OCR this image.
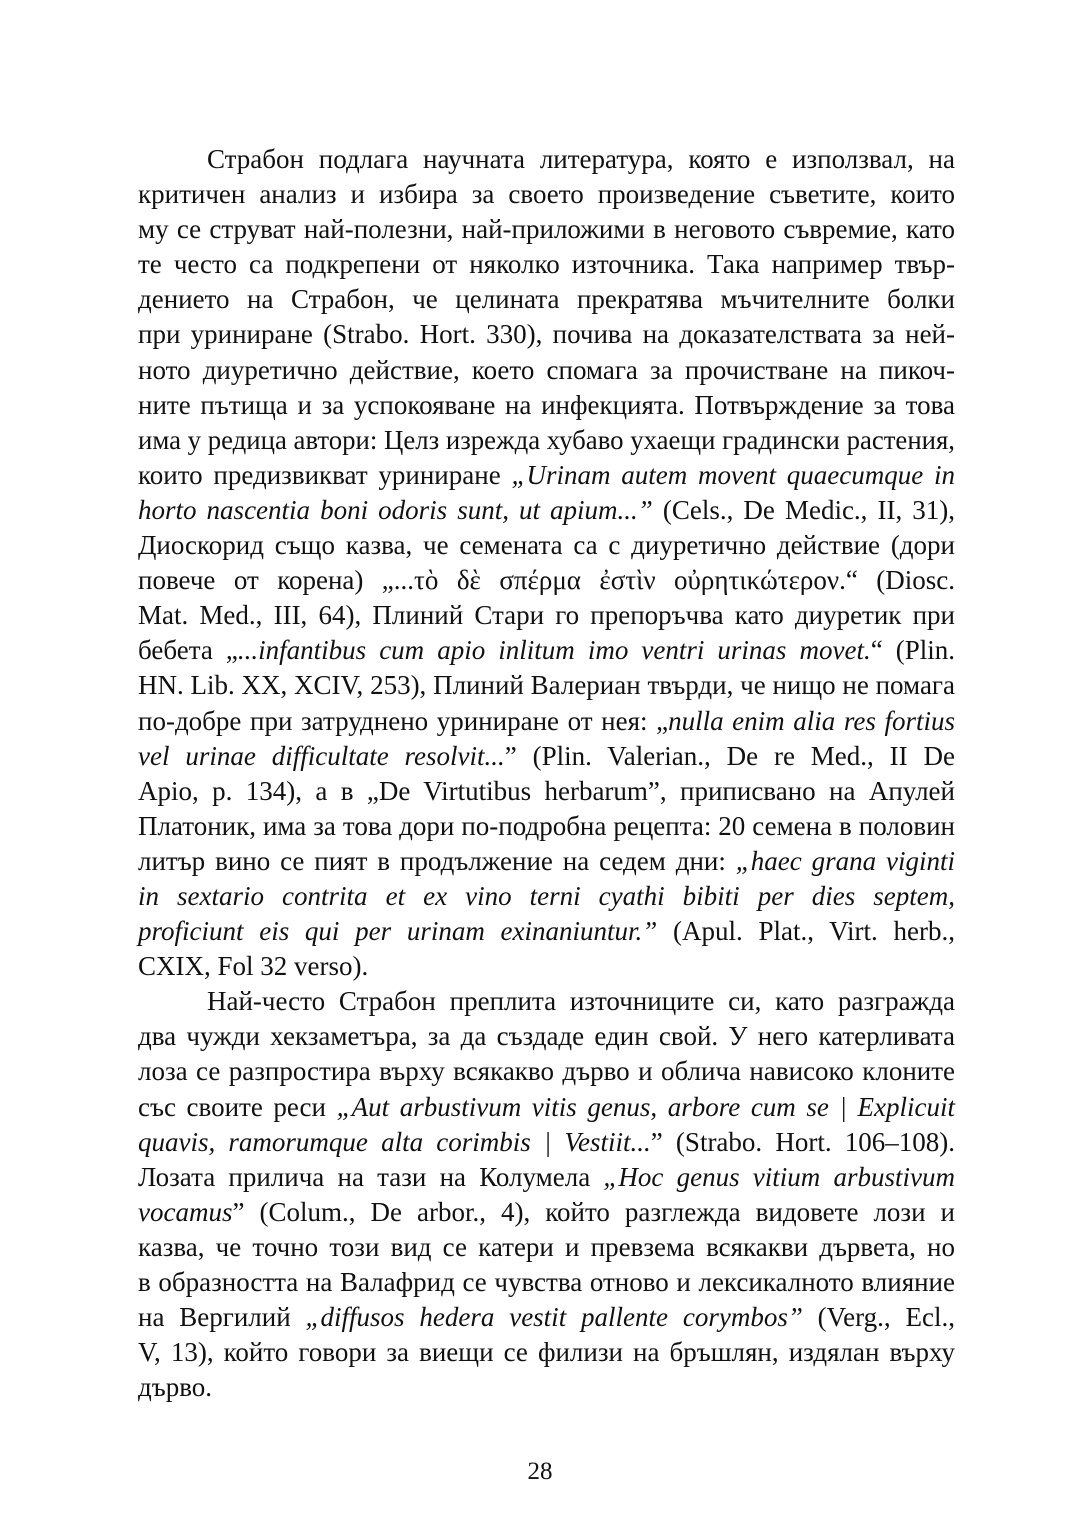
Страбон подлага научната литература, която е използвал, на
критичен анализ и избира за своето произведение съветите, които
му се струват най-полезни, най-приложими в неговото съвремие, като
те често са подкрепени от няколко източника. Така например твър-
дението на Страбон, че целината прекратява мъчителните болки
при уриниране (Strabo. Hort. 330), почива на доказателствата за ней-
ното диуретично действие, което спомага за прочистване на пикоч-
ните пътища и за успокояване на инфекцията. Потвърждение за това
има у редица автори: Целз изрежда хубаво ухаещи градински растения,
които предизвикват уриниране „Urinam autem movent quaecumque in
horto nascentia boni odoris sunt, ut apium...” (Cels., De Medic., II, 31),
Диоскорид също казва, че семената са с диуретично действие (дори
повече от корена) „...τὸ δὲ σπέρμα ἐστὶν οὐρητικώτερον.“ (Diosc.
Mat. Med., III, 64), Плиний Стари го препоръчва като диуретик при
бебета „...infantibus cum apio inlitum imo ventri urinas movet.“ (Plin.
HN. Lib. XX, XCIV, 253), Плиний Валериан твърди, че нищо не помага
по-добре при затруднено уриниране от нея: „nulla enim alia res fortius
vel urinae difficultate resolvit...” (Plin. Valerian., De re Med., II De
Apio, p. 134), а в „De Virtutibus herbarum”, приписвано на Апулей
Платоник, има за това дори по-подробна рецепта: 20 семена в половин
литър вино се пият в продължение на седем дни: „haec grana viginti
in sextario contrita et ex vino terni cyathi bibiti per dies septem,
proficiunt eis qui per urinam exinaniuntur.” (Apul. Plat., Virt. herb.,
CXIX, Fol 32 verso).
Най-често Страбон преплита източниците си, като разгражда
два чужди хекзаметъра, за да създаде един свой. У него катерливата
лоза се разпростира върху всякакво дърво и облича нависоко клоните
със своите реси „Aut arbustivum vitis genus, arbore cum se | Explicuit
quavis, ramorumque alta corimbis | Vestiit...” (Strabo. Hort. 106–108).
Лозата прилича на тази на Колумела „Hoc genus vitium arbustivum
vocamus” (Colum., De arbor., 4), който разглежда видовете лози и
казва, че точно този вид се катери и превзема всякакви дървета, но
в образността на Валафрид се чувства отново и лексикалното влияние
на Вергилий „diffusos hedera vestit pallente corymbos” (Verg., Ecl.,
V, 13), който говори за виещи се филизи на бръшлян, издялан върху
дърво.
28
